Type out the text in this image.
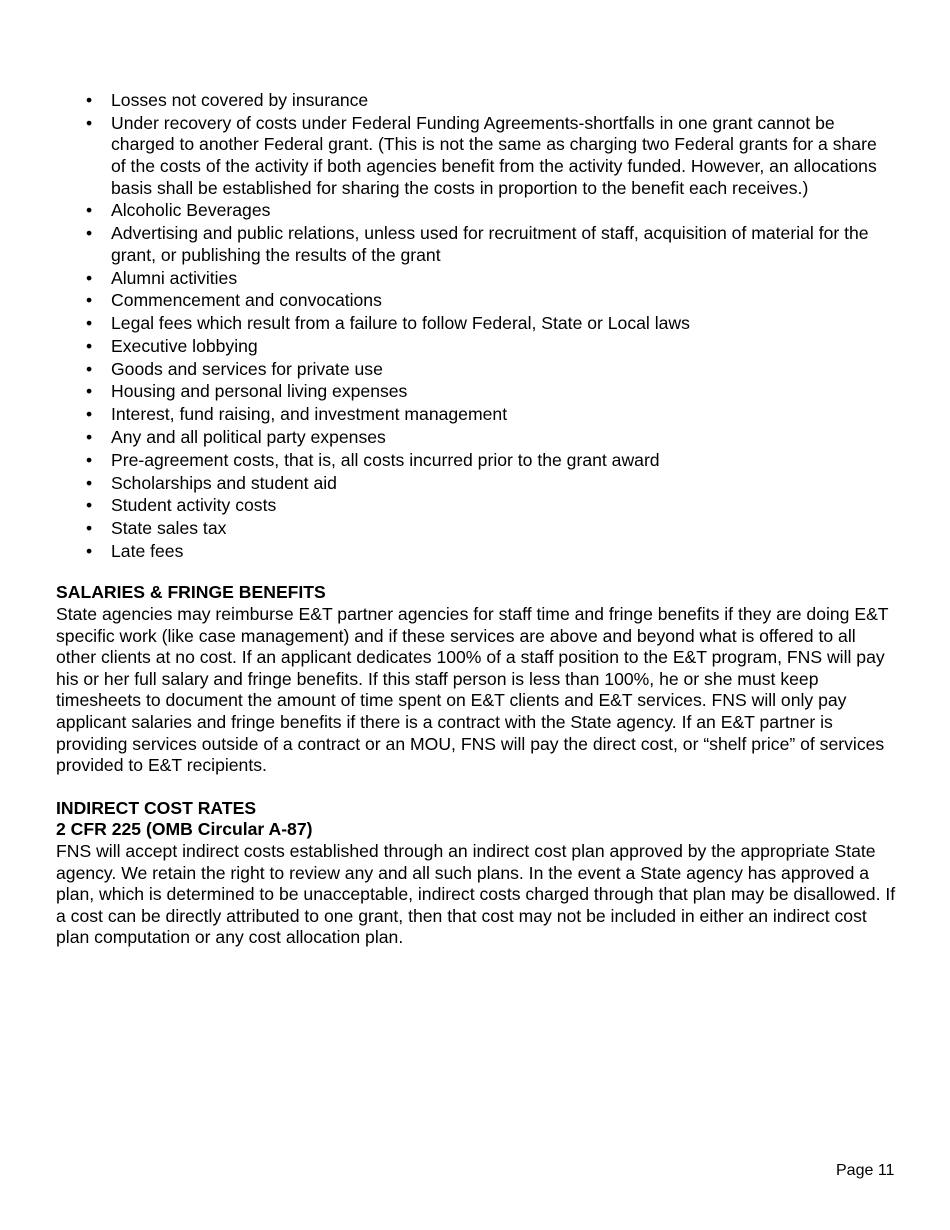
• Losses not covered by insurance
• Under recovery of costs under Federal Funding Agreements-shortfalls in one grant cannot be charged to another Federal grant. (This is not the same as charging two Federal grants for a share of the costs of the activity if both agencies benefit from the activity funded. However, an allocations basis shall be established for sharing the costs in proportion to the benefit each receives.)
• Alcoholic Beverages
• Advertising and public relations, unless used for recruitment of staff, acquisition of material for the grant, or publishing the results of the grant
• Alumni activities
• Commencement and convocations
• Legal fees which result from a failure to follow Federal, State or Local laws
• Executive lobbying
• Goods and services for private use
• Housing and personal living expenses
• Interest, fund raising, and investment management
• Any and all political party expenses
• Pre-agreement costs, that is, all costs incurred prior to the grant award
• Scholarships and student aid
• Student activity costs
• State sales tax
• Late fees

SALARIES & FRINGE BENEFITS

State agencies may reimburse E&T partner agencies for staff time and fringe benefits if they are doing E&T specific work (like case management) and if these services are above and beyond what is offered to all other clients at no cost. If an applicant dedicates 100% of a staff position to the E&T program, FNS will pay his or her full salary and fringe benefits. If this staff person is less than 100%, he or she must keep timesheets to document the amount of time spent on E&T clients and E&T services. FNS will only pay applicant salaries and fringe benefits if there is a contract with the State agency. If an E&T partner is providing services outside of a contract or an MOU, FNS will pay the direct cost, or “shelf price” of services provided to E&T recipients.

INDIRECT COST RATES

2 CFR 225 (OMB Circular A-87)

FNS will accept indirect costs established through an indirect cost plan approved by the appropriate State agency. We retain the right to review any and all such plans. In the event a State agency has approved a plan, which is determined to be unacceptable, indirect costs charged through that plan may be disallowed. If a cost can be directly attributed to one grant, then that cost may not be included in either an indirect cost plan computation or any cost allocation plan.

Page 11
